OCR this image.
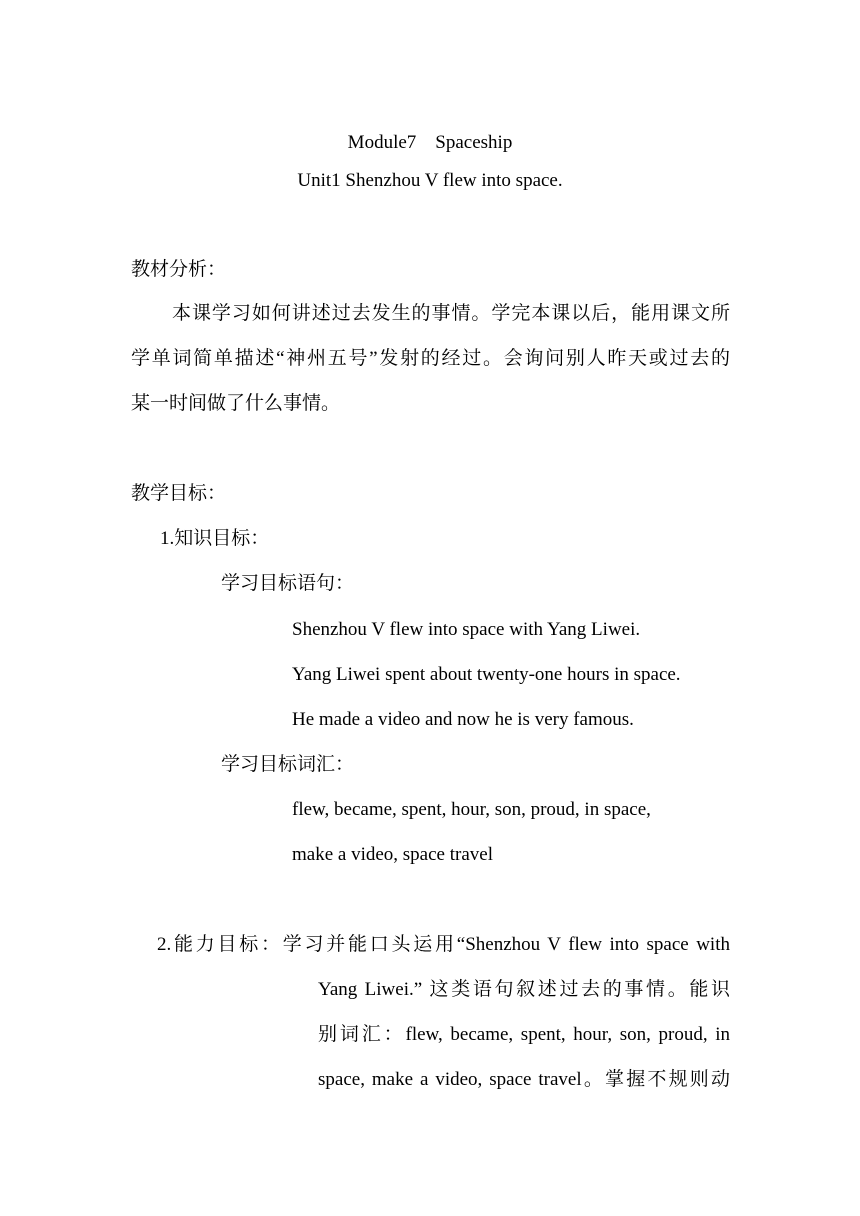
Module7 Spaceship
Unit1 Shenzhou V flew into space.
教材分析：
本课学习如何讲述过去发生的事情。学完本课以后，能用课文所
学单词简单描述“神州五号”发射的经过。会询问别人昨天或过去的
某一时间做了什么事情。
教学目标：
1.知识目标：
学习目标语句：
Shenzhou V flew into space with Yang Liwei.
Yang Liwei spent about twenty-one hours in space.
He made a video and now he is very famous.
学习目标词汇：
flew, became, spent, hour, son, proud, in space,
make a video, space travel
2.能力目标：学习并能口头运用“Shenzhou V flew into space with
Yang Liwei.” 这类语句叙述过去的事情。能识
别词汇：flew, became, spent, hour, son, proud, in
space, make a video, space travel。掌握不规则动
